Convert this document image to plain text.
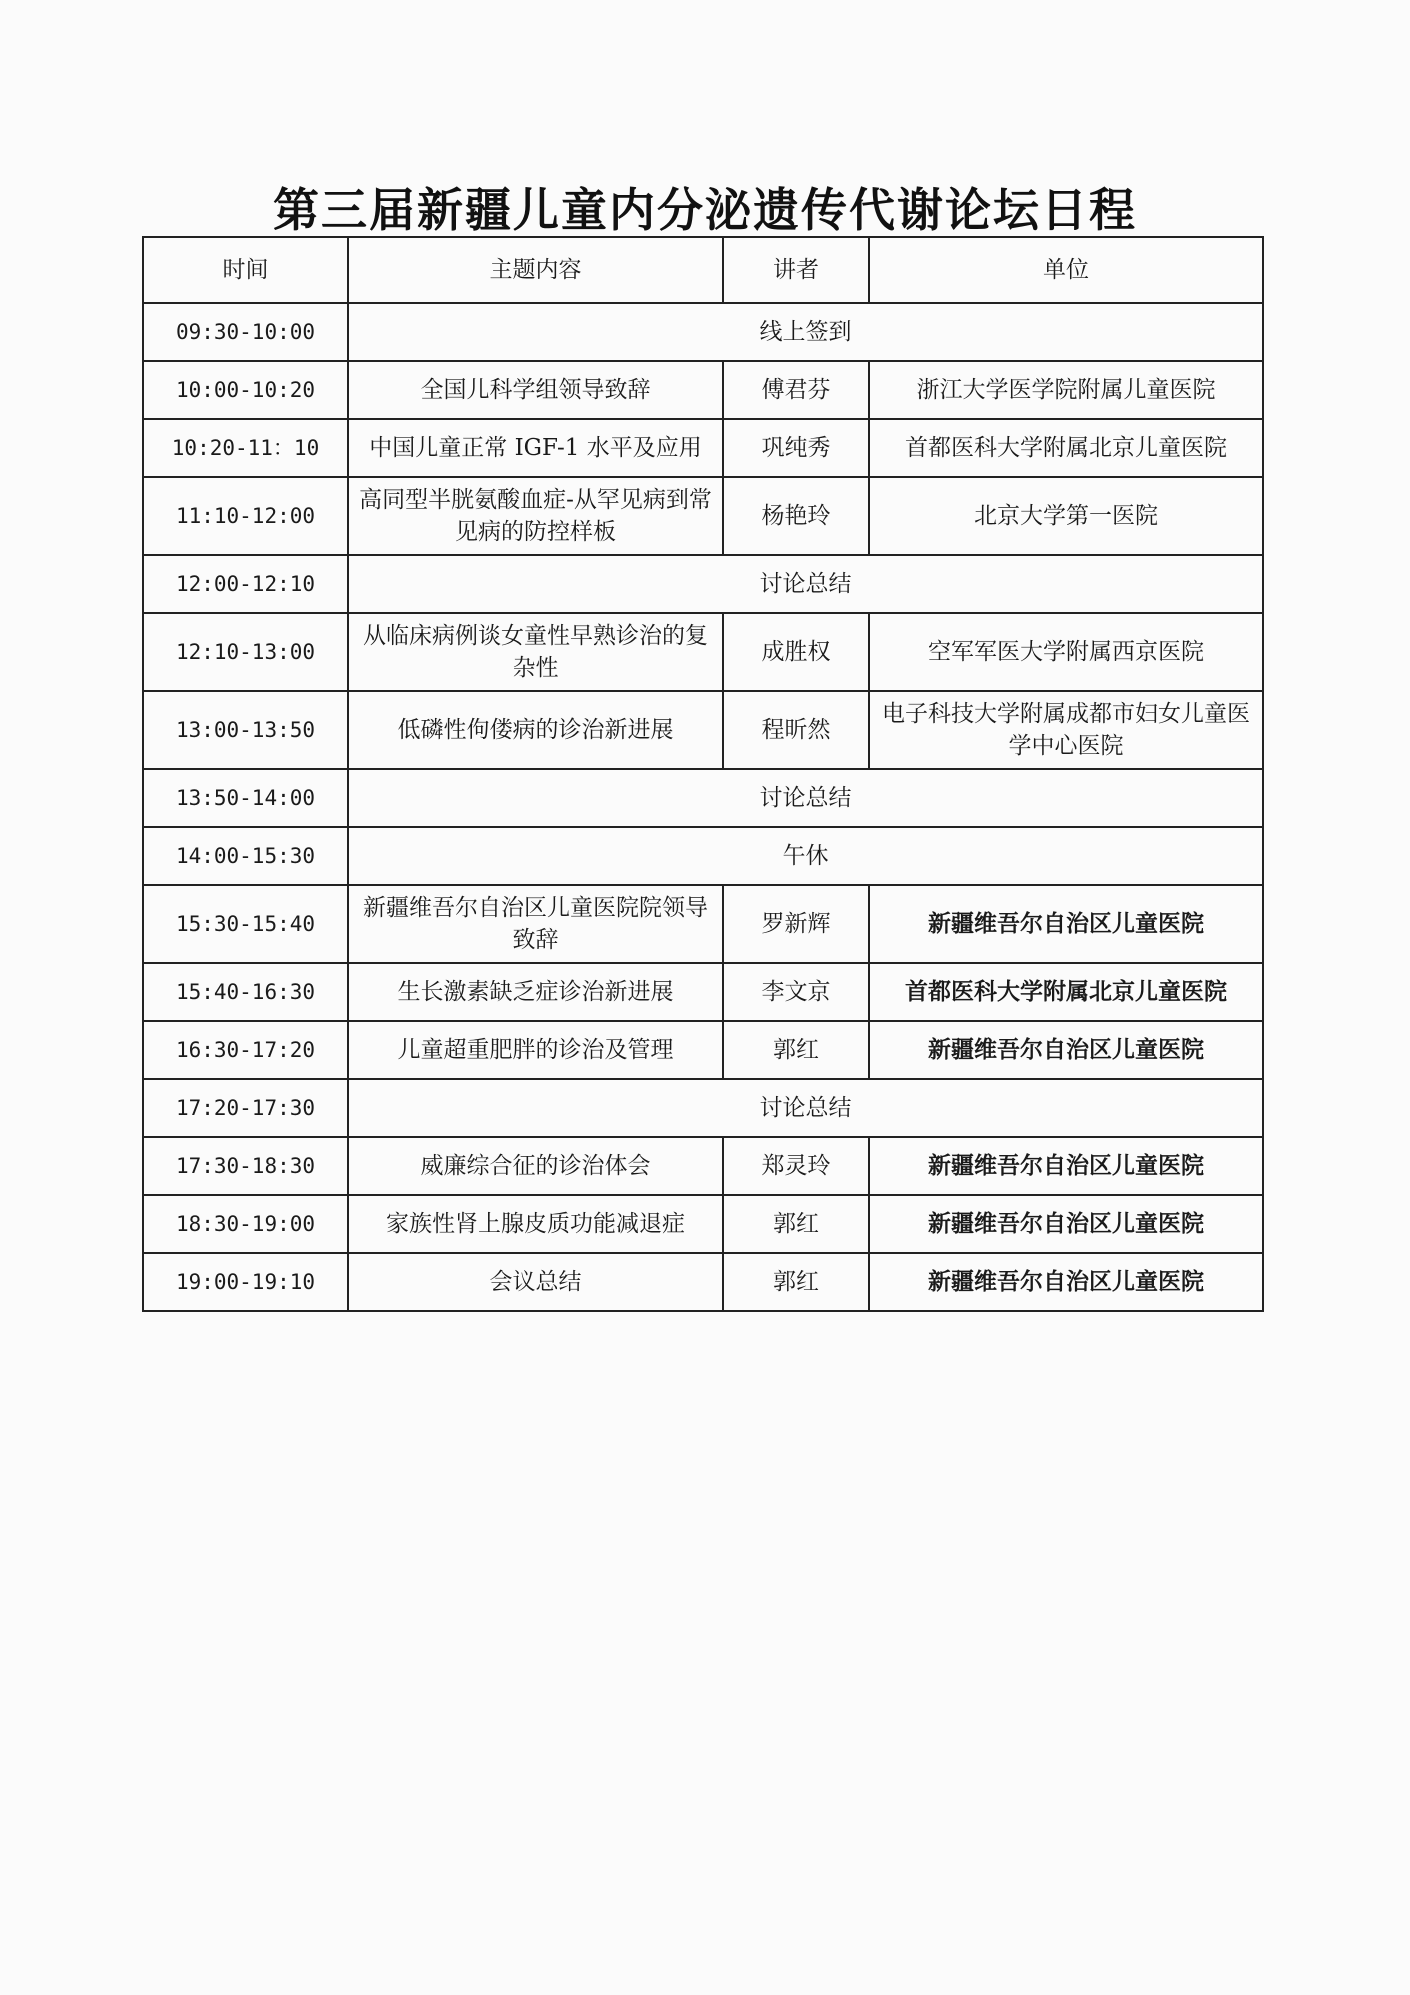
第三届新疆儿童内分泌遗传代谢论坛日程
时间	主题内容	讲者	单位
09:30-10:00	线上签到		
10:00-10:20	全国儿科学组领导致辞	傅君芬	浙江大学医学院附属儿童医院
10:20-11：10	中国儿童正常 IGF-1 水平及应用	巩纯秀	首都医科大学附属北京儿童医院
11:10-12:00	高同型半胱氨酸血症-从罕见病到常见病的防控样板	杨艳玲	北京大学第一医院
12:00-12:10	讨论总结		
12:10-13:00	从临床病例谈女童性早熟诊治的复杂性	成胜权	空军军医大学附属西京医院
13:00-13:50	低磷性佝偻病的诊治新进展	程昕然	电子科技大学附属成都市妇女儿童医学中心医院
13:50-14:00	讨论总结		
14:00-15:30	午休		
15:30-15:40	新疆维吾尔自治区儿童医院院领导致辞	罗新辉	新疆维吾尔自治区儿童医院
15:40-16:30	生长激素缺乏症诊治新进展	李文京	首都医科大学附属北京儿童医院
16:30-17:20	儿童超重肥胖的诊治及管理	郭红	新疆维吾尔自治区儿童医院
17:20-17:30	讨论总结		
17:30-18:30	威廉综合征的诊治体会	郑灵玲	新疆维吾尔自治区儿童医院
18:30-19:00	家族性肾上腺皮质功能减退症	郭红	新疆维吾尔自治区儿童医院
19:00-19:10	会议总结	郭红	新疆维吾尔自治区儿童医院
